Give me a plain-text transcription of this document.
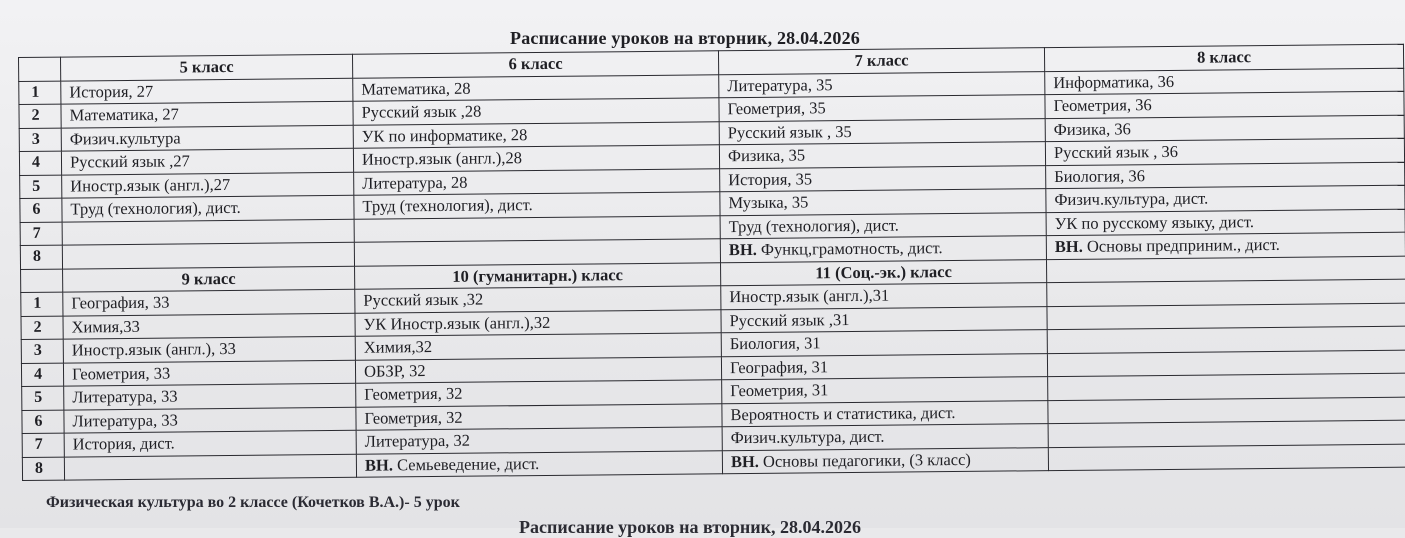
Расписание уроков на вторник, 28.04.2026
	5 класс	6 класс	7 класс	8 класс
1	История, 27	Математика, 28	Литература, 35	Информатика, 36
2	Математика, 27	Русский язык ,28	Геометрия, 35	Геометрия, 36
3	Физич.культура	УК по информатике, 28	Русский язык , 35	Физика, 36
4	Русский язык ,27	Иностр.язык (англ.),28	Физика, 35	Русский язык , 36
5	Иностр.язык (англ.),27	Литература, 28	История, 35	Биология, 36
6	Труд (технология), дист.	Труд (технология), дист.	Музыка, 35	Физич.культура, дист.
7			Труд (технология), дист.	УК по русскому языку, дист.
8			ВН. Функц,грамотность, дист.	ВН. Основы предприним., дист.
	9 класс	10 (гуманитарн.) класс	11 (Соц.-эк.) класс	
1	География, 33	Русский язык ,32	Иностр.язык (англ.),31	
2	Химия,33	УК Иностр.язык (англ.),32	Русский язык ,31	
3	Иностр.язык (англ.), 33	Химия,32	Биология, 31	
4	Геометрия, 33	ОБЗР, 32	География, 31	
5	Литература, 33	Геометрия, 32	Геометрия, 31	
6	Литература, 33	Геометрия, 32	Вероятность и статистика, дист.	
7	История, дист.	Литература, 32	Физич.культура, дист.	
8		ВН. Семьеведение, дист.	ВН. Основы педагогики, (3 класс)	
Физическая культура во 2 классе (Кочетков В.А.)- 5 урок
Расписание уроков на вторник, 28.04.2026
